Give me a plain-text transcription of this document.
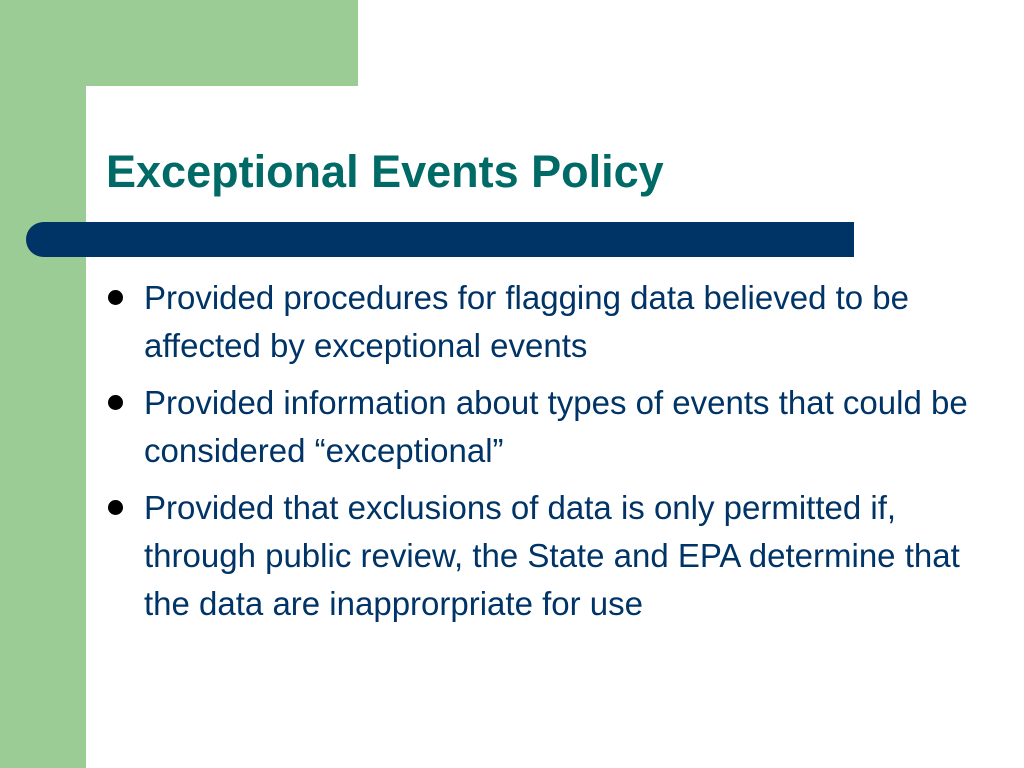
Exceptional Events Policy
Provided procedures for flagging data believed to be affected by exceptional events
Provided information about types of events that could be considered “exceptional”
Provided that exclusions of data is only permitted if, through public review, the State and EPA determine that the data are inapprorpriate for use
